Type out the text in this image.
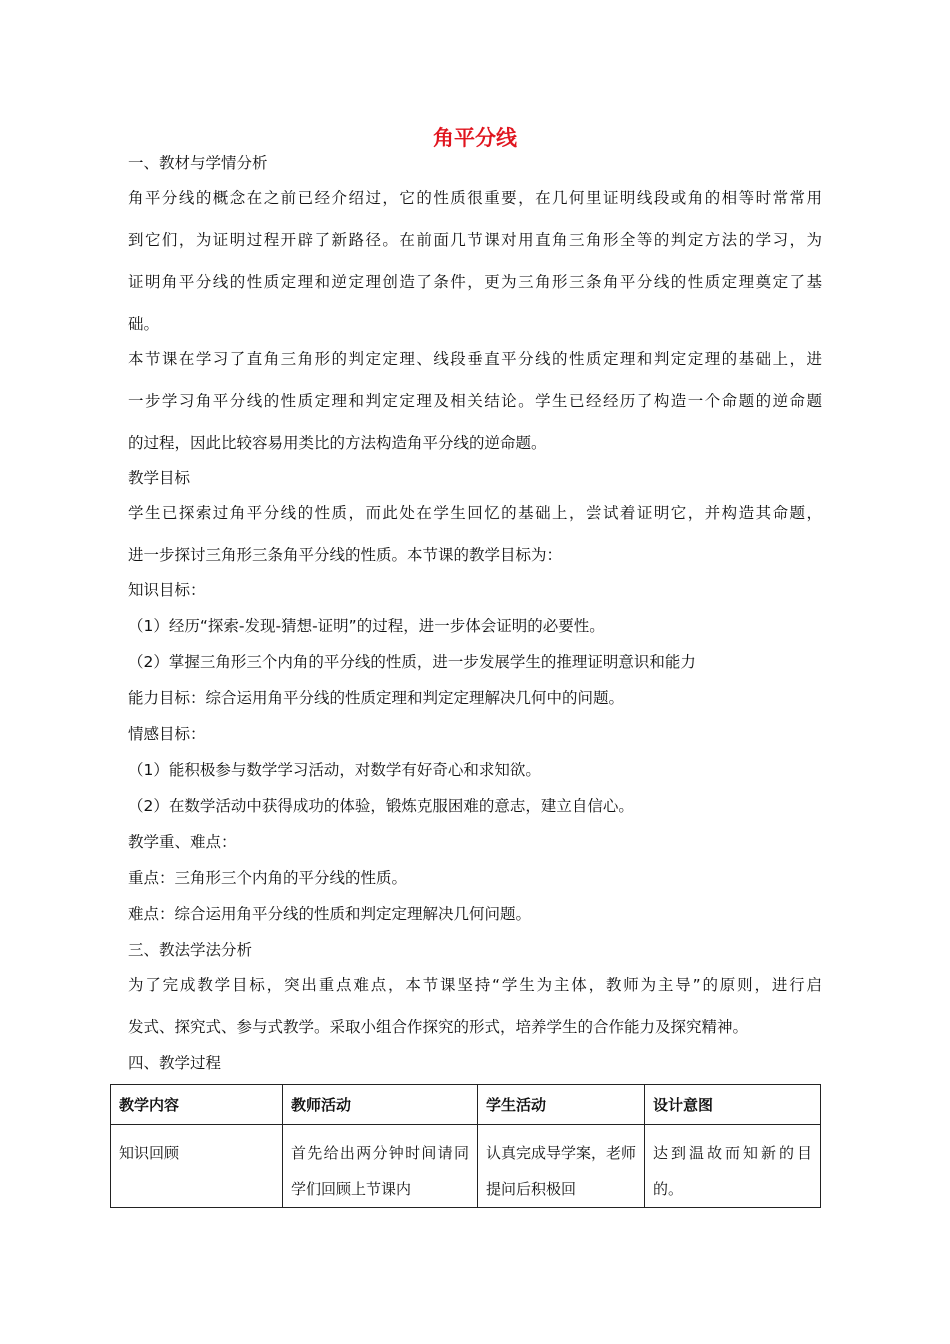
角平分线
一、教材与学情分析
角平分线的概念在之前已经介绍过，它的性质很重要，在几何里证明线段或角的相等时常常用
到它们，为证明过程开辟了新路径。在前面几节课对用直角三角形全等的判定方法的学习，为
证明角平分线的性质定理和逆定理创造了条件，更为三角形三条角平分线的性质定理奠定了基
础。
本节课在学习了直角三角形的判定定理、线段垂直平分线的性质定理和判定定理的基础上，进
一步学习角平分线的性质定理和判定定理及相关结论。学生已经经历了构造一个命题的逆命题
的过程，因此比较容易用类比的方法构造角平分线的逆命题。
教学目标
学生已探索过角平分线的性质，而此处在学生回忆的基础上，尝试着证明它，并构造其命题，
进一步探讨三角形三条角平分线的性质。本节课的教学目标为：
知识目标：
（1）经历“探索-发现-猜想-证明”的过程，进一步体会证明的必要性。
（2）掌握三角形三个内角的平分线的性质，进一步发展学生的推理证明意识和能力
能力目标：综合运用角平分线的性质定理和判定定理解决几何中的问题。
情感目标：
（1）能积极参与数学学习活动，对数学有好奇心和求知欲。
（2）在数学活动中获得成功的体验，锻炼克服困难的意志，建立自信心。
教学重、难点：
重点：三角形三个内角的平分线的性质。
难点：综合运用角平分线的性质和判定定理解决几何问题。
三、教法学法分析
为了完成教学目标，突出重点难点，本节课坚持“学生为主体，教师为主导”的原则，进行启
发式、探究式、参与式教学。采取小组合作探究的形式，培养学生的合作能力及探究精神。
四、教学过程
教学内容	教师活动	学生活动	设计意图
知识回顾	首先给出两分钟时间请同学们回顾上节课内	认真完成导学案，老师提问后积极回	达到温故而知新的目的。
